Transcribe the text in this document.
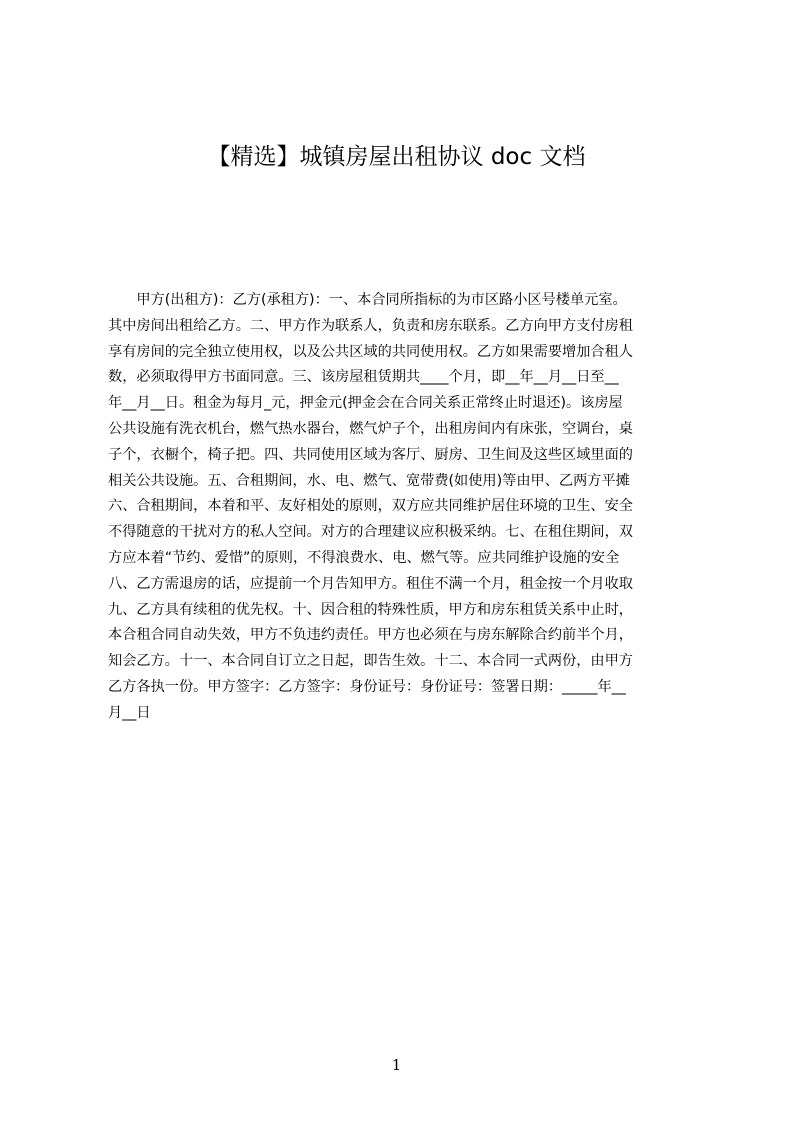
【精选】城镇房屋出租协议 doc 文档
　　甲方(出租方)：乙方(承租方)：一、本合同所指标的为市区路小区号楼单元室。
其中房间出租给乙方。二、甲方作为联系人，负责和房东联系。乙方向甲方支付房租
享有房间的完全独立使用权，以及公共区域的共同使用权。乙方如果需要增加合租人
数，必须取得甲方书面同意。三、该房屋租赁期共____个月，即__年__月__日至__
年__月__日。租金为每月_元，押金元(押金会在合同关系正常终止时退还)。该房屋
公共设施有洗衣机台，燃气热水器台，燃气炉子个，出租房间内有床张，空调台，桌
子个，衣橱个，椅子把。四、共同使用区域为客厅、厨房、卫生间及这些区域里面的
相关公共设施。五、合租期间，水、电、燃气、宽带费(如使用)等由甲、乙两方平摊
六、合租期间，本着和平、友好相处的原则，双方应共同维护居住环境的卫生、安全
不得随意的干扰对方的私人空间。对方的合理建议应积极采纳。七、在租住期间，双
方应本着“节约、爱惜”的原则，不得浪费水、电、燃气等。应共同维护设施的安全
八、乙方需退房的话，应提前一个月告知甲方。租住不满一个月，租金按一个月收取
九、乙方具有续租的优先权。十、因合租的特殊性质，甲方和房东租赁关系中止时，
本合租合同自动失效，甲方不负违约责任。甲方也必须在与房东解除合约前半个月，
知会乙方。十一、本合同自订立之日起，即告生效。十二、本合同一式两份，由甲方
乙方各执一份。甲方签字：乙方签字：身份证号：身份证号：签署日期：_____年__
月__日
1
